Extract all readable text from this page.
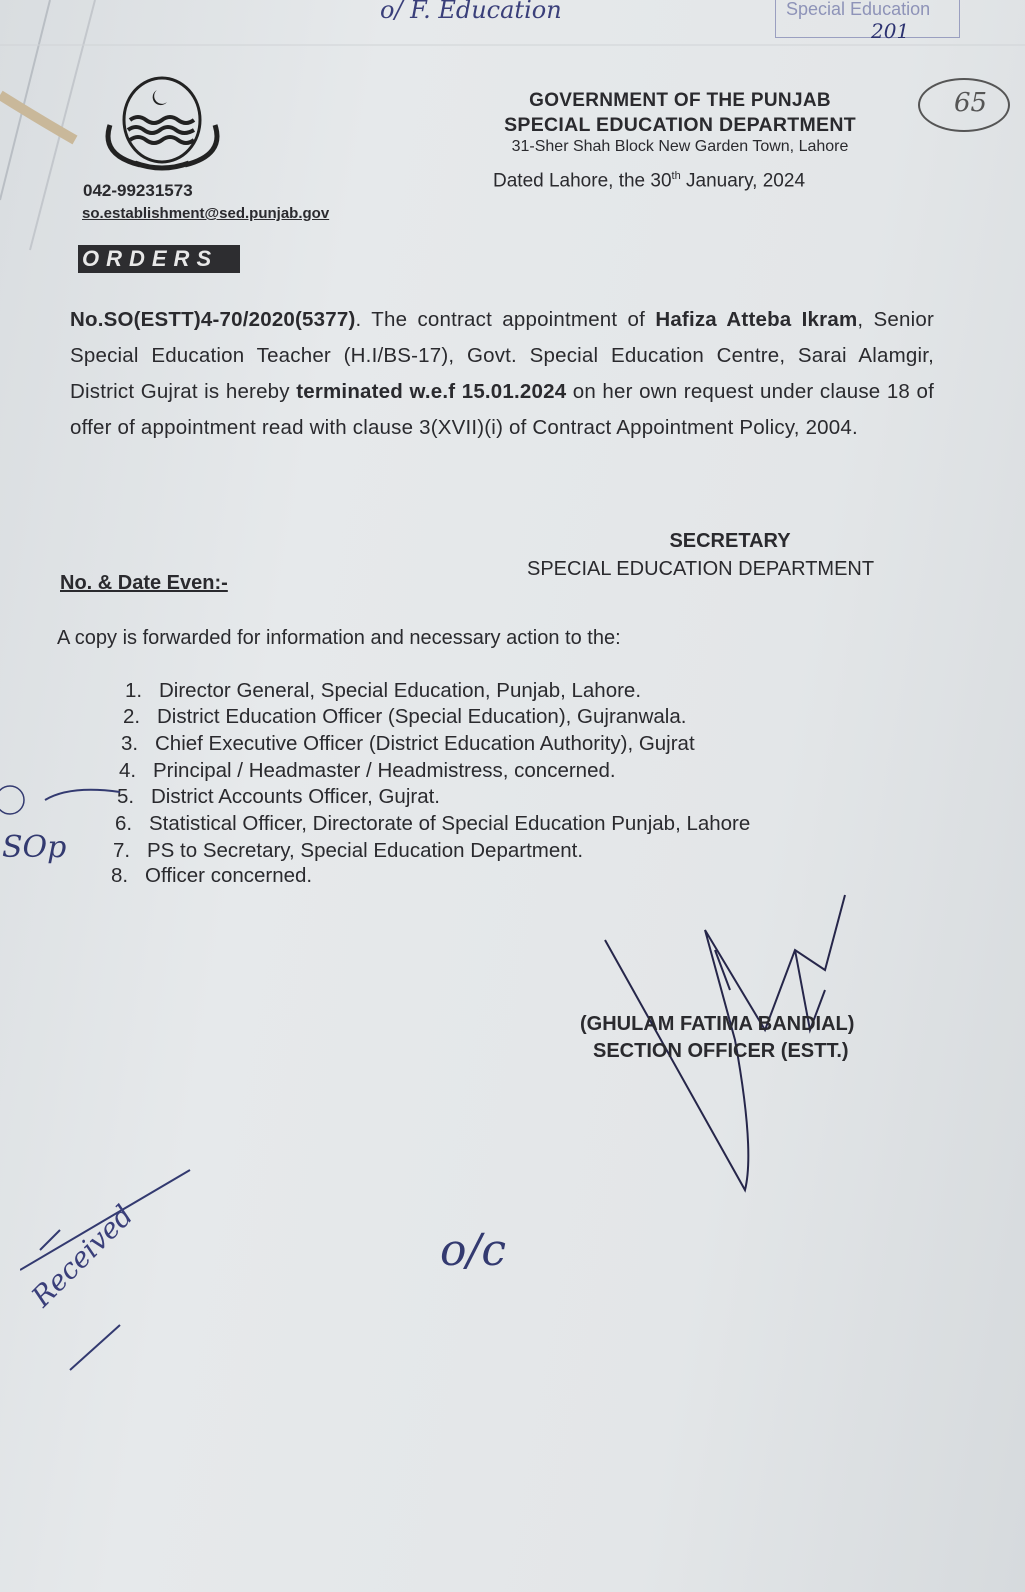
Special Education
201
o/ F. Education
65
GOVERNMENT OF THE PUNJAB
SPECIAL EDUCATION DEPARTMENT
31-Sher Shah Block New Garden Town, Lahore
Dated Lahore, the 30th January, 2024
042-99231573
so.establishment@sed.punjab.gov
ORDERS
No.SO(ESTT)4-70/2020(5377). The contract appointment of Hafiza Atteba Ikram, Senior Special Education Teacher (H.I/BS-17), Govt. Special Education Centre, Sarai Alamgir, District Gujrat is hereby terminated w.e.f 15.01.2024 on her own request under clause 18 of offer of appointment read with clause 3(XVII)(i) of Contract Appointment Policy, 2004.
SECRETARY
SPECIAL EDUCATION DEPARTMENT
No. & Date Even:-
A copy is forwarded for information and necessary action to the:
1. Director General, Special Education, Punjab, Lahore.
2. District Education Officer (Special Education), Gujranwala.
3. Chief Executive Officer (District Education Authority), Gujrat
4. Principal / Headmaster / Headmistress, concerned.
5. District Accounts Officer, Gujrat.
6. Statistical Officer, Directorate of Special Education Punjab, Lahore
7. PS to Secretary, Special Education Department.
8. Officer concerned.
SOp
(GHULAM FATIMA BANDIAL)
SECTION OFFICER (ESTT.)
Received	o/c
